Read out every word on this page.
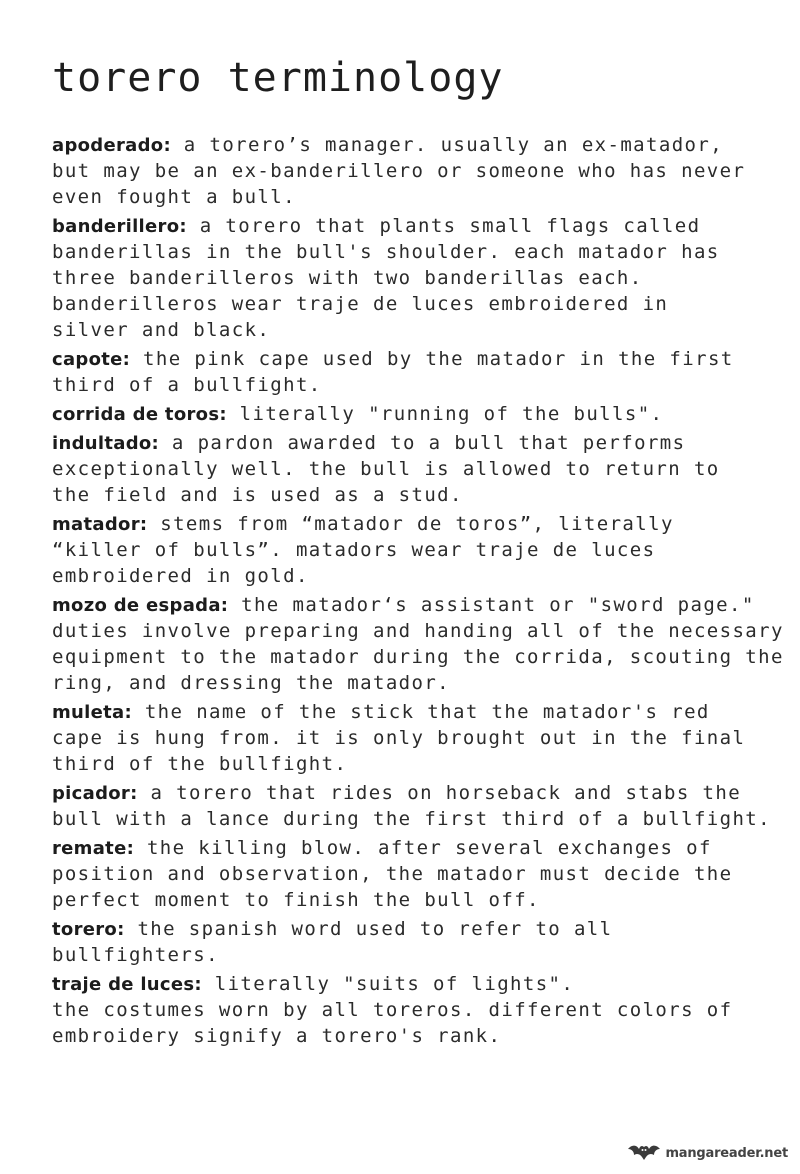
torero terminology
apoderado: a torero’s manager. usually an ex-matador,
but may be an ex-banderillero or someone who has never
even fought a bull.
banderillero: a torero that plants small flags called
banderillas in the bull's shoulder. each matador has
three banderilleros with two banderillas each.
banderilleros wear traje de luces embroidered in
silver and black.
capote: the pink cape used by the matador in the first
third of a bullfight.
corrida de toros: literally "running of the bulls".
indultado: a pardon awarded to a bull that performs
exceptionally well. the bull is allowed to return to
the field and is used as a stud.
matador: stems from “matador de toros”, literally
“killer of bulls”. matadors wear traje de luces
embroidered in gold.
mozo de espada: the matador‘s assistant or "sword page."
duties involve preparing and handing all of the necessary
equipment to the matador during the corrida, scouting the
ring, and dressing the matador.
muleta: the name of the stick that the matador's red
cape is hung from. it is only brought out in the final
third of the bullfight.
picador: a torero that rides on horseback and stabs the
bull with a lance during the first third of a bullfight.
remate: the killing blow. after several exchanges of
position and observation, the matador must decide the
perfect moment to finish the bull off.
torero: the spanish word used to refer to all
bullfighters.
traje de luces: literally "suits of lights".
the costumes worn by all toreros. different colors of
embroidery signify a torero's rank.
mangareader.net
